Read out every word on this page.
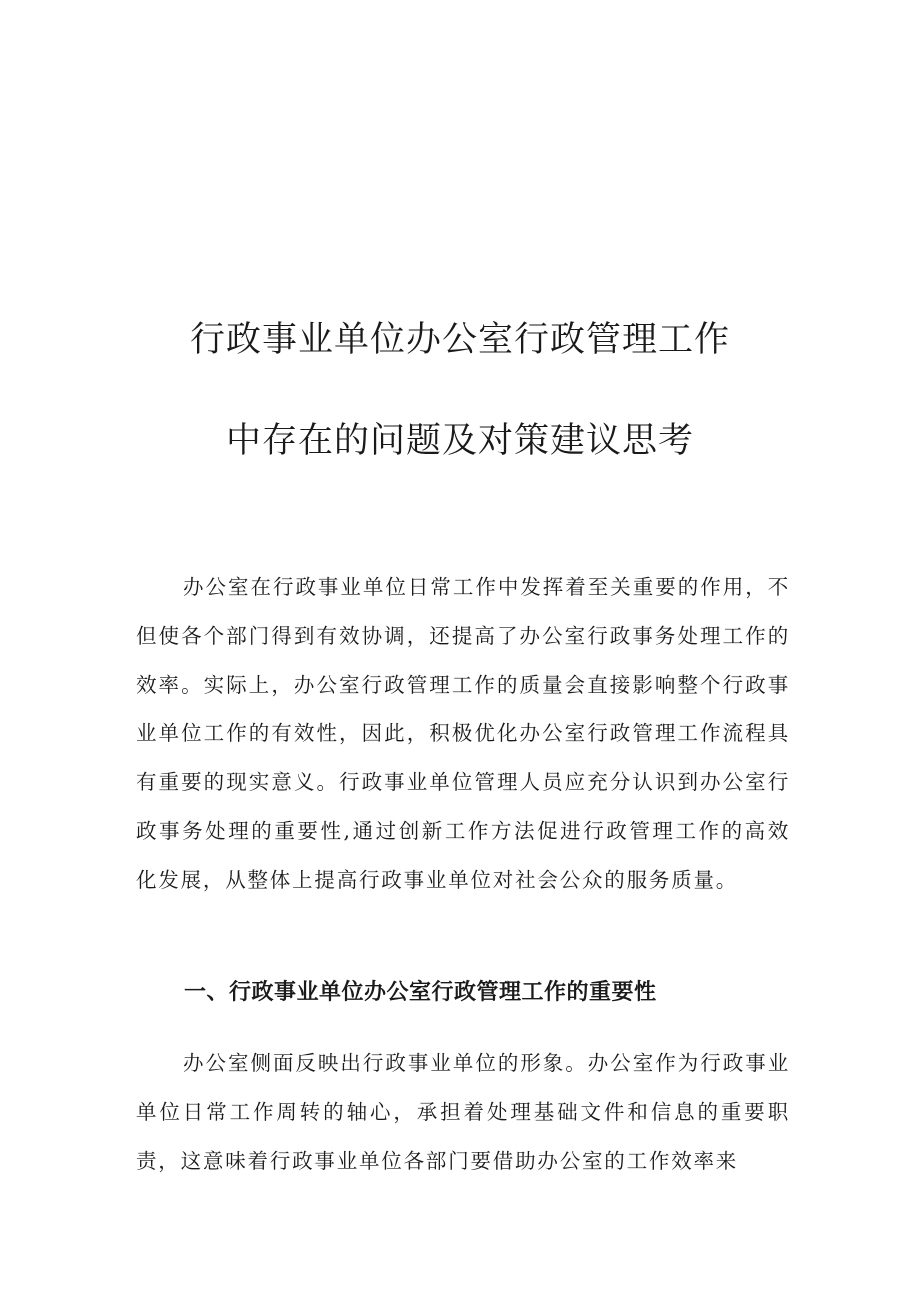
行政事业单位办公室行政管理工作
中存在的问题及对策建议思考

办公室在行政事业单位日常工作中发挥着至关重要的作用，不但使各个部门得到有效协调，还提高了办公室行政事务处理工作的效率。实际上，办公室行政管理工作的质量会直接影响整个行政事业单位工作的有效性，因此，积极优化办公室行政管理工作流程具有重要的现实意义。行政事业单位管理人员应充分认识到办公室行政事务处理的重要性,通过创新工作方法促进行政管理工作的高效化发展，从整体上提高行政事业单位对社会公众的服务质量。

一、行政事业单位办公室行政管理工作的重要性

办公室侧面反映出行政事业单位的形象。办公室作为行政事业单位日常工作周转的轴心，承担着处理基础文件和信息的重要职责，这意味着行政事业单位各部门要借助办公室的工作效率来
